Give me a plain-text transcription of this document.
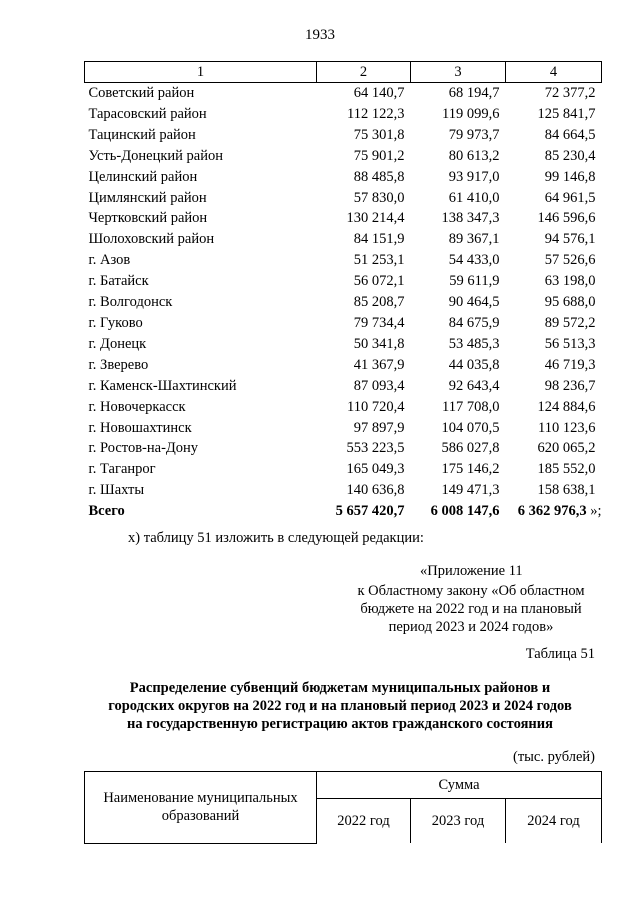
1933
1	2	3	4
Советский район	64 140,7	68 194,7	72 377,2
Тарасовский район	112 122,3	119 099,6	125 841,7
Тацинский район	75 301,8	79 973,7	84 664,5
Усть-Донецкий район	75 901,2	80 613,2	85 230,4
Целинский район	88 485,8	93 917,0	99 146,8
Цимлянский район	57 830,0	61 410,0	64 961,5
Чертковский район	130 214,4	138 347,3	146 596,6
Шолоховский район	84 151,9	89 367,1	94 576,1
г. Азов	51 253,1	54 433,0	57 526,6
г. Батайск	56 072,1	59 611,9	63 198,0
г. Волгодонск	85 208,7	90 464,5	95 688,0
г. Гуково	79 734,4	84 675,9	89 572,2
г. Донецк	50 341,8	53 485,3	56 513,3
г. Зверево	41 367,9	44 035,8	46 719,3
г. Каменск-Шахтинский	87 093,4	92 643,4	98 236,7
г. Новочеркасск	110 720,4	117 708,0	124 884,6
г. Новошахтинск	97 897,9	104 070,5	110 123,6
г. Ростов-на-Дону	553 223,5	586 027,8	620 065,2
г. Таганрог	165 049,3	175 146,2	185 552,0
г. Шахты	140 636,8	149 471,3	158 638,1
Всего	5 657 420,7	6 008 147,6	6 362 976,3 »;
х) таблицу 51 изложить в следующей редакции:
«Приложение 11
к Областному закону «Об областном
бюджете на 2022 год и на плановый
период 2023 и 2024 годов»
Таблица 51
Распределение субвенций бюджетам муниципальных районов и
городских округов на 2022 год и на плановый период 2023 и 2024 годов
на государственную регистрацию актов гражданского состояния
(тыс. рублей)
Наименование муниципальных
образований	Сумма		
	2022 год	2023 год	2024 год
